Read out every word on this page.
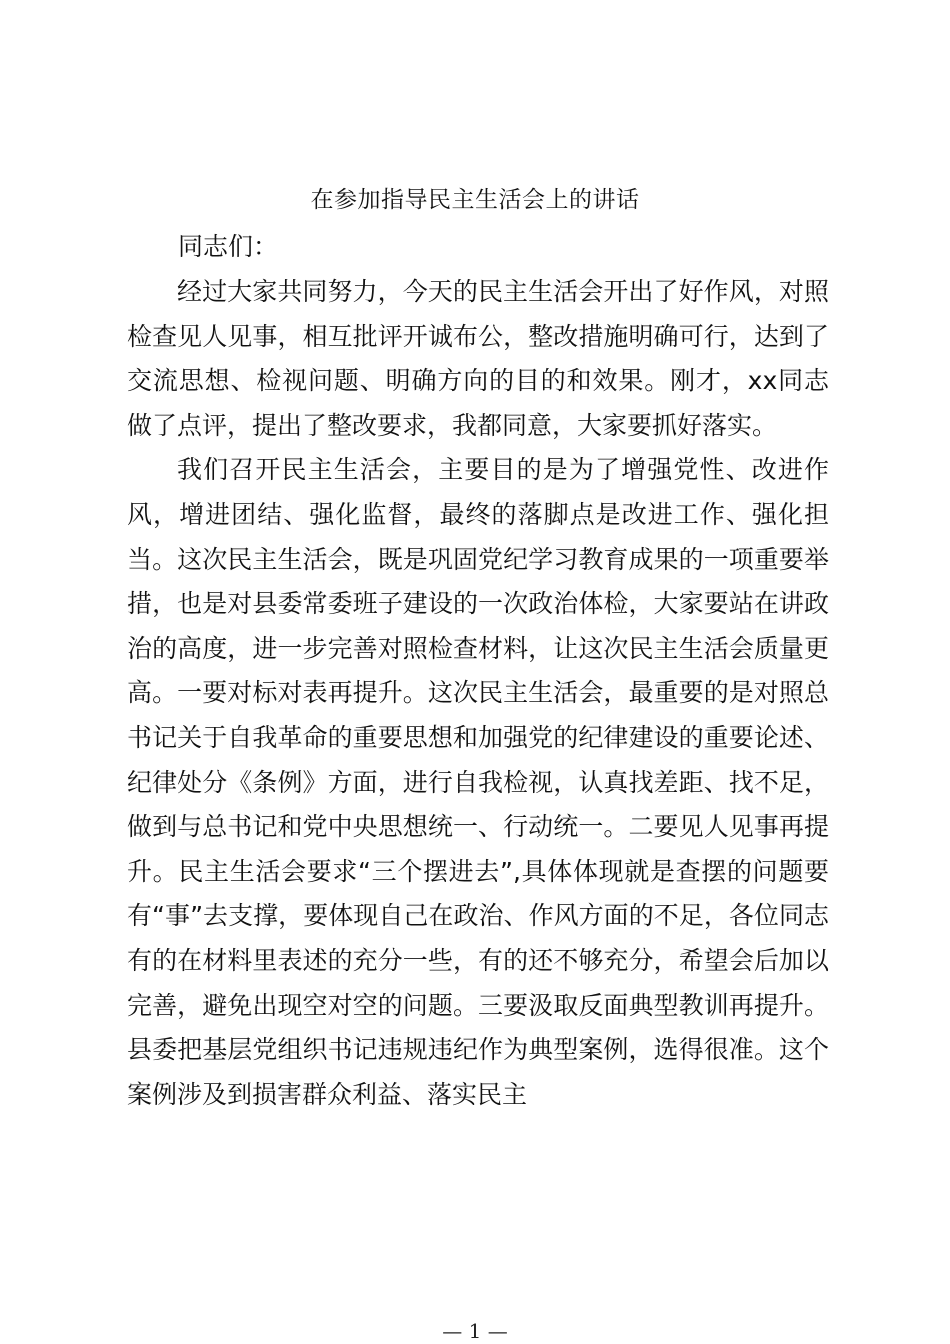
在参加指导民主生活会上的讲话
同志们：

经过大家共同努力，今天的民主生活会开出了好作风，对照检查见人见事，相互批评开诚布公，整改措施明确可行，达到了交流思想、检视问题、明确方向的目的和效果。刚才，xx同志做了点评，提出了整改要求，我都同意，大家要抓好落实。

我们召开民主生活会，主要目的是为了增强党性、改进作风，增进团结、强化监督，最终的落脚点是改进工作、强化担当。这次民主生活会，既是巩固党纪学习教育成果的一项重要举措，也是对县委常委班子建设的一次政治体检，大家要站在讲政治的高度，进一步完善对照检查材料，让这次民主生活会质量更高。一要对标对表再提升。这次民主生活会，最重要的是对照总书记关于自我革命的重要思想和加强党的纪律建设的重要论述、纪律处分《条例》方面，进行自我检视，认真找差距、找不足，做到与总书记和党中央思想统一、行动统一。二要见人见事再提升。民主生活会要求“三个摆进去”,具体体现就是查摆的问题要有“事”去支撑，要体现自己在政治、作风方面的不足，各位同志有的在材料里表述的充分一些，有的还不够充分，希望会后加以完善，避免出现空对空的问题。三要汲取反面典型教训再提升。县委把基层党组织书记违规违纪作为典型案例，选得很准。这个案例涉及到损害群众利益、落实民主

— 1 —
